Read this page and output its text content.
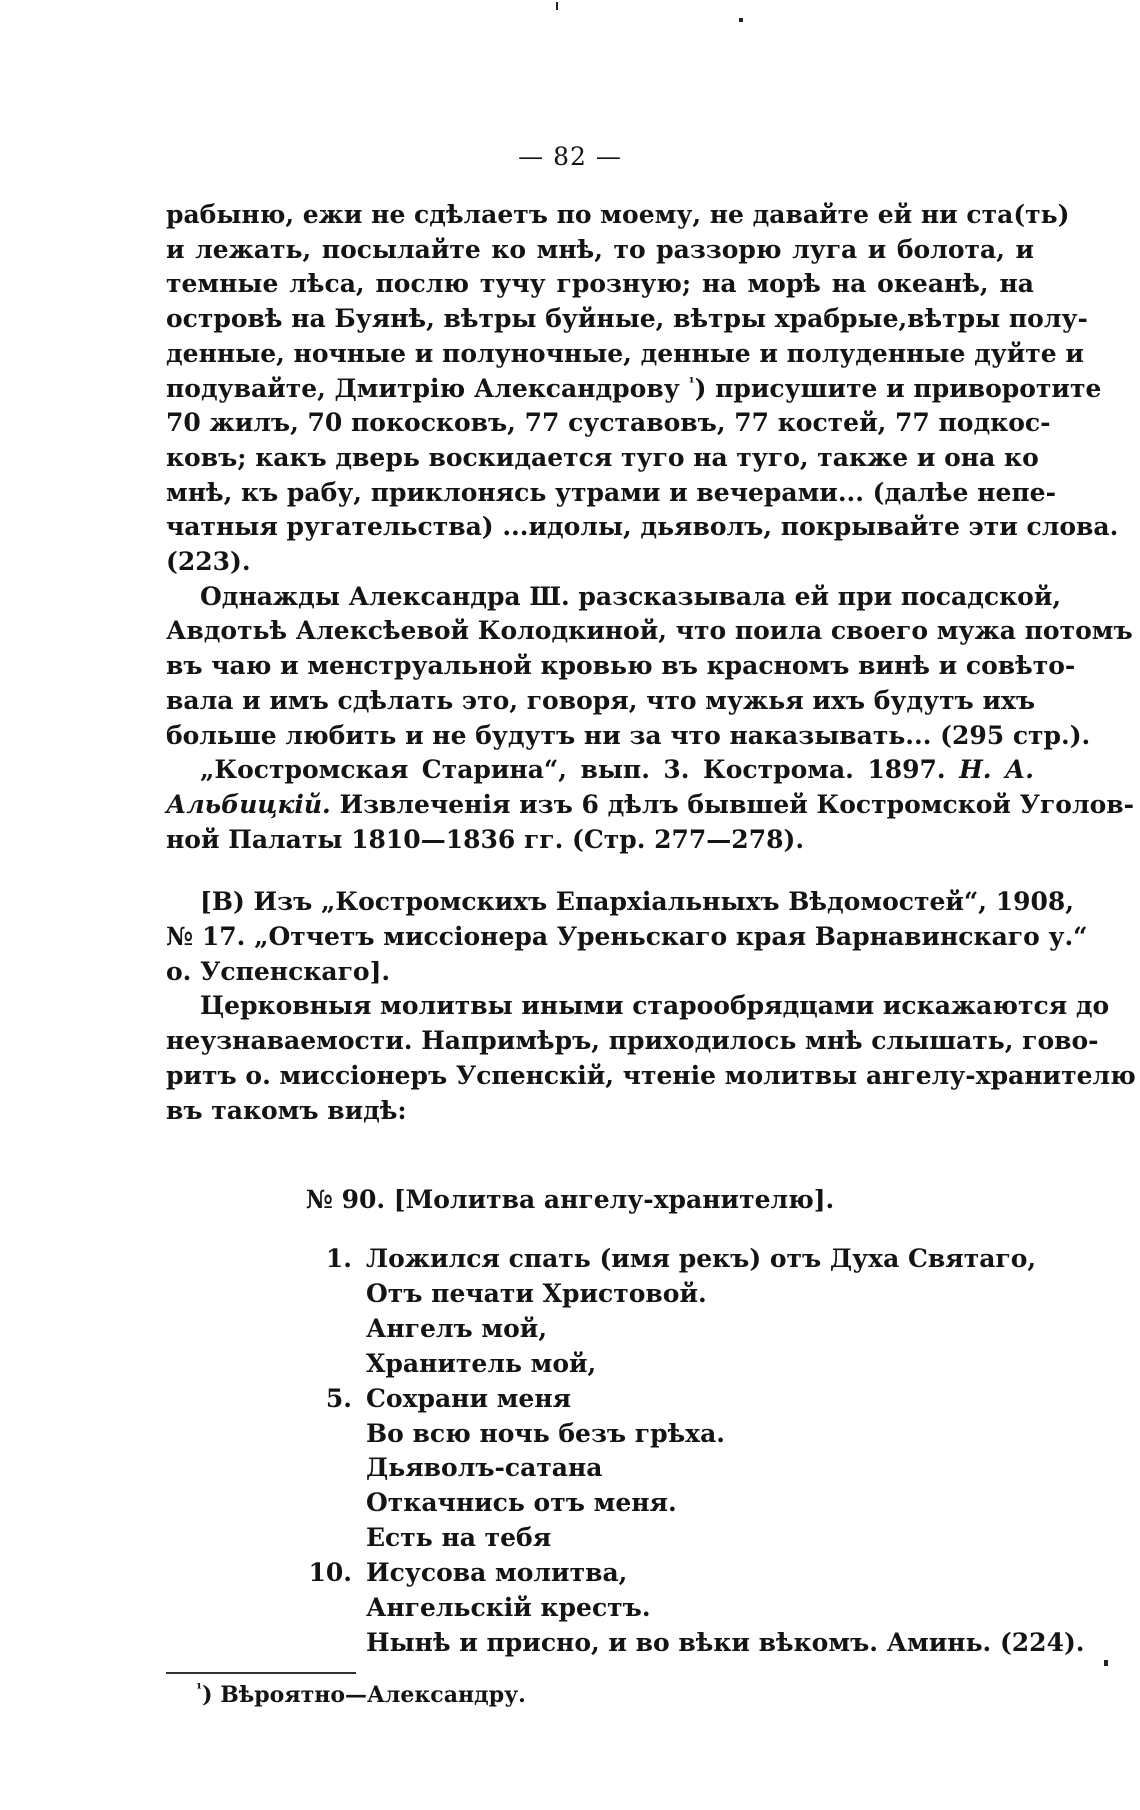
— 82 —
рабыню, ежи не сдѣлаетъ по моему, не давайте ей ни ста(ть)
и лежать, посылайте ко мнѣ, то раззорю луга и болота, и
темные лѣса, послю тучу грозную; на морѣ на океанѣ, на
островѣ на Буянѣ, вѣтры буйные, вѣтры храбрые,вѣтры полу-
денные, ночные и полуночные, денные и полуденные дуйте и
подувайте, Дмитрію Александрову $^{^1}$) присушите и приворотите
70 жилъ, 70 покосковъ, 77 суставовъ, 77 костей, 77 подкос-
ковъ; какъ дверь воскидается туго на туго, также и она ко
мнѣ, къ рабу, приклонясь утрами и вечерами... (далѣе непе-
чатныя ругательства) ...идолы, дьяволъ, покрывайте эти слова.
(223).
Однажды Александра Ш. разсказывала ей при посадской,
Авдотьѣ Алексѣевой Колодкиной, что поила своего мужа потомъ
въ чаю и менструальной кровью въ красномъ винѣ и совѣто-
вала и имъ сдѣлать это, говоря, что мужья ихъ будутъ ихъ
больше любить и не будутъ ни за что наказывать... (295 стр.).
„Костромская Старина“, вып. 3. Кострома. 1897. Н. А.
Альбицкій. Извлеченія изъ 6 дѣлъ бывшей Костромской Уголов-
ной Палаты 1810—1836 гг. (Стр. 277—278).
[В) Изъ „Костромскихъ Епархіальныхъ Вѣдомостей“, 1908,
№ 17. „Отчетъ миссіонера Уреньскаго края Варнавинскаго у.“
о. Успенскаго].
Церковныя молитвы иными старообрядцами искажаются до
неузнаваемости. Напримѣръ, приходилось мнѣ слышать, гово-
ритъ о. миссіонеръ Успенскій, чтеніе молитвы ангелу-хранителю
въ такомъ видѣ:
№ 90. [Молитва ангелу-хранителю].
1. Ложился спать (имя рекъ) отъ Духа Святаго,
Отъ печати Христовой.
Ангелъ мой,
Хранитель мой,
5. Сохрани меня
Во всю ночь безъ грѣха.
Дьяволъ-сатана
Откачнись отъ меня.
Есть на тебя
10. Исусова молитва,
Ангельскій крестъ.
Нынѣ и присно, и во вѣки вѣкомъ. Аминь. (224).
$^{^1}$) Вѣроятно—Александру.
